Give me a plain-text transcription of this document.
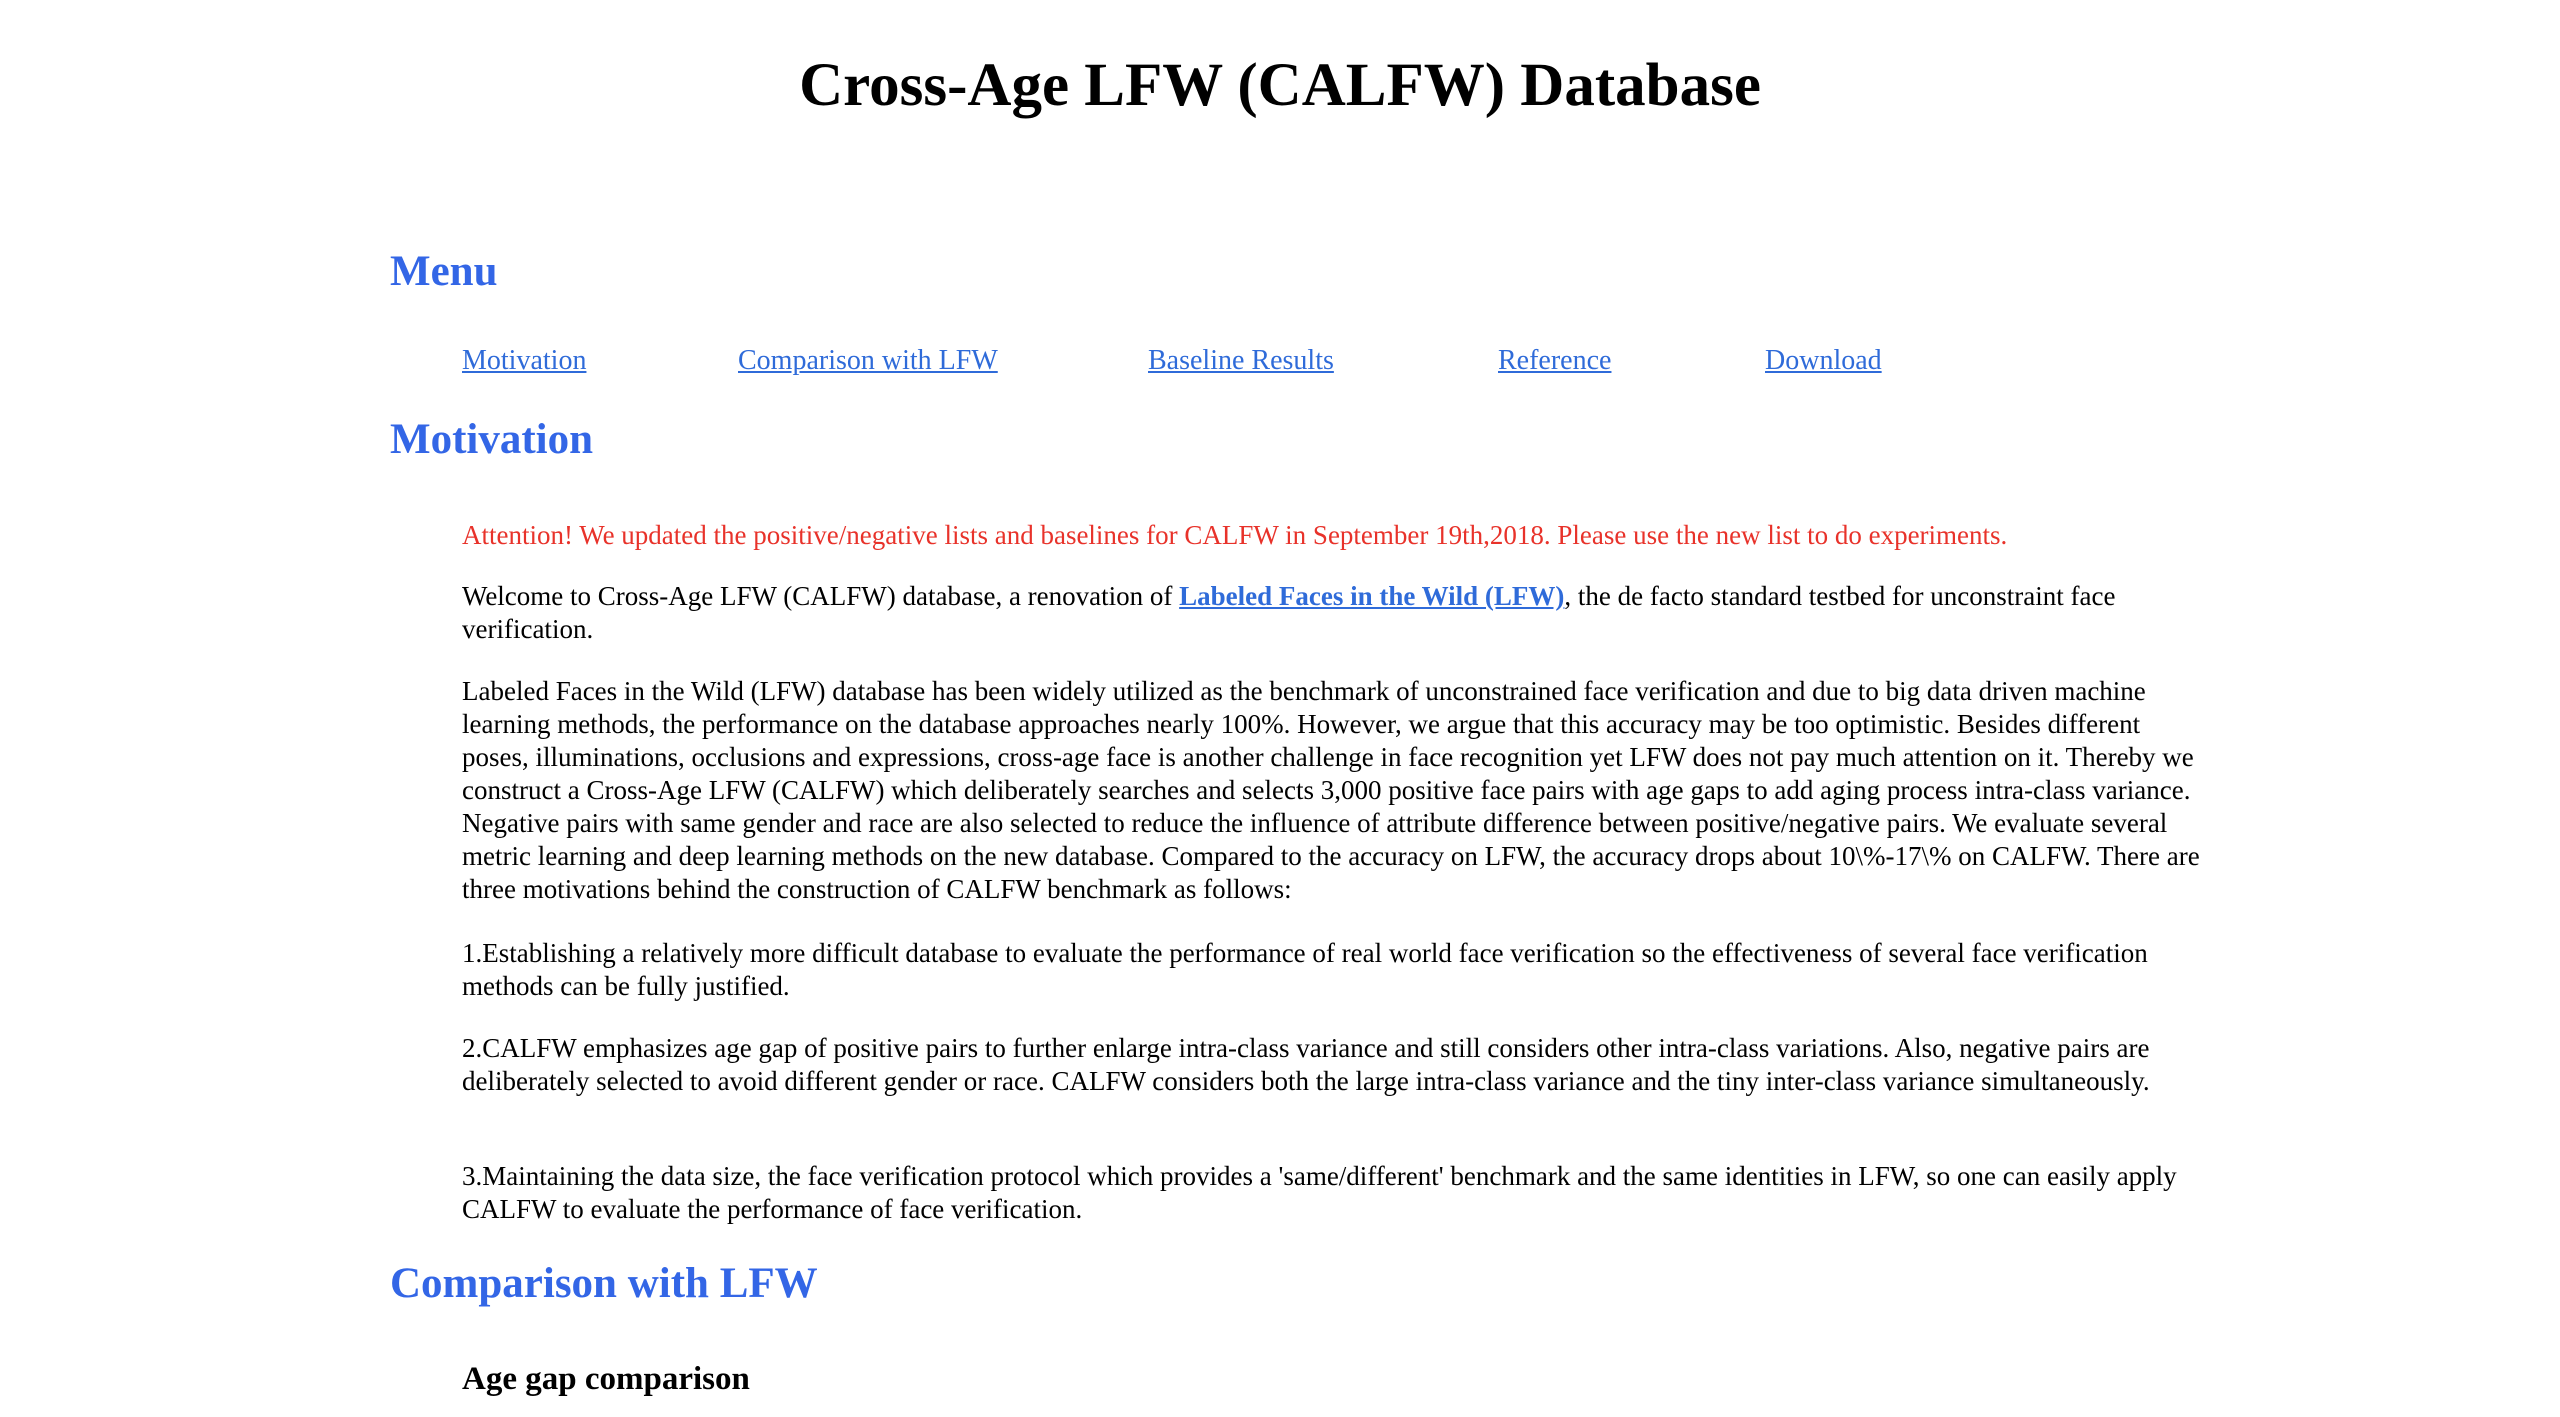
Cross-Age LFW (CALFW) Database
Menu
Motivation	Comparison with LFW	Baseline Results	Reference	Download
Motivation

Attention! We updated the positive/negative lists and baselines for CALFW in September 19th,2018. Please use the new list to do experiments.

Welcome to Cross-Age LFW (CALFW) database, a renovation of Labeled Faces in the Wild (LFW), the de facto standard testbed for unconstraint face verification.

Labeled Faces in the Wild (LFW) database has been widely utilized as the benchmark of unconstrained face verification and due to big data driven machine learning methods, the performance on the database approaches nearly 100%. However, we argue that this accuracy may be too optimistic. Besides different poses, illuminations, occlusions and expressions, cross-age face is another challenge in face recognition yet LFW does not pay much attention on it. Thereby we construct a Cross-Age LFW (CALFW) which deliberately searches and selects 3,000 positive face pairs with age gaps to add aging process intra-class variance. Negative pairs with same gender and race are also selected to reduce the influence of attribute difference between positive/negative pairs. We evaluate several metric learning and deep learning methods on the new database. Compared to the accuracy on LFW, the accuracy drops about 10\%-17\% on CALFW. There are three motivations behind the construction of CALFW benchmark as follows:

1.Establishing a relatively more difficult database to evaluate the performance of real world face verification so the effectiveness of several face verification methods can be fully justified.

2.CALFW emphasizes age gap of positive pairs to further enlarge intra-class variance and still considers other intra-class variations. Also, negative pairs are deliberately selected to avoid different gender or race. CALFW considers both the large intra-class variance and the tiny inter-class variance simultaneously.

3.Maintaining the data size, the face verification protocol which provides a 'same/different' benchmark and the same identities in LFW, so one can easily apply CALFW to evaluate the performance of face verification.

Comparison with LFW
Age gap comparison
